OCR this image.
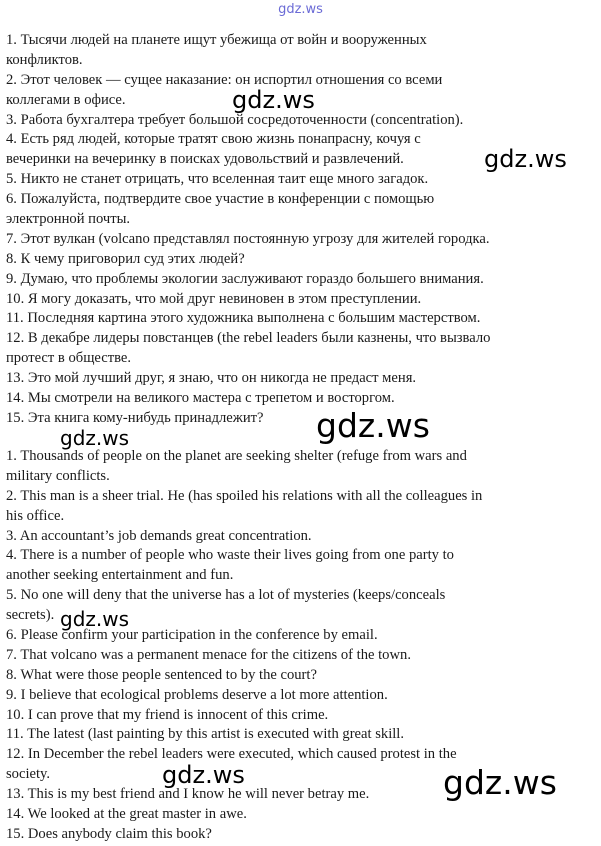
gdz.ws
1. Тысячи людей на планете ищут убежища от войн и вооруженных
конфликтов.
2. Этот человек — сущее наказание: он испортил отношения со всеми
коллегами в офисе.
3. Работа бухгалтера требует большой сосредоточенности (concentration).
4. Есть ряд людей, которые тратят свою жизнь понапрасну, кочуя с
вечеринки на вечеринку в поисках удовольствий и развлечений.
5. Никто не станет отрицать, что вселенная таит еще много загадок.
6. Пожалуйста, подтвердите свое участие в конференции с помощью
электронной почты.
7. Этот вулкан (volcano представлял постоянную угрозу для жителей городка.
8. К чему приговорил суд этих людей?
9. Думаю, что проблемы экологии заслуживают гораздо большего внимания.
10. Я могу доказать, что мой друг невиновен в этом преступлении.
11. Последняя картина этого художника выполнена с большим мастерством.
12. В декабре лидеры повстанцев (the rebel leaders были казнены, что вызвало
протест в обществе.
13. Это мой лучший друг, я знаю, что он никогда не предаст меня.
14. Мы смотрели на великого мастера с трепетом и восторгом.
15. Эта книга кому-нибудь принадлежит?
1. Thousands of people on the planet are seeking shelter (refuge from wars and
military conflicts.
2. This man is a sheer trial. He (has spoiled his relations with all the colleagues in
his office.
3. An accountant’s job demands great concentration.
4. There is a number of people who waste their lives going from one party to
another seeking entertainment and fun.
5. No one will deny that the universe has a lot of mysteries (keeps/conceals
secrets).
6. Please confirm your participation in the conference by email.
7. That volcano was a permanent menace for the citizens of the town.
8. What were those people sentenced to by the court?
9. I believe that ecological problems deserve a lot more attention.
10. I can prove that my friend is innocent of this crime.
11. The latest (last painting by this artist is executed with great skill.
12. In December the rebel leaders were executed, which caused protest in the
society.
13. This is my best friend and I know he will never betray me.
14. We looked at the great master in awe.
15. Does anybody claim this book?
gdz.ws
gdz.ws
gdz.ws
gdz.ws
gdz.ws
gdz.ws	gdz.ws
